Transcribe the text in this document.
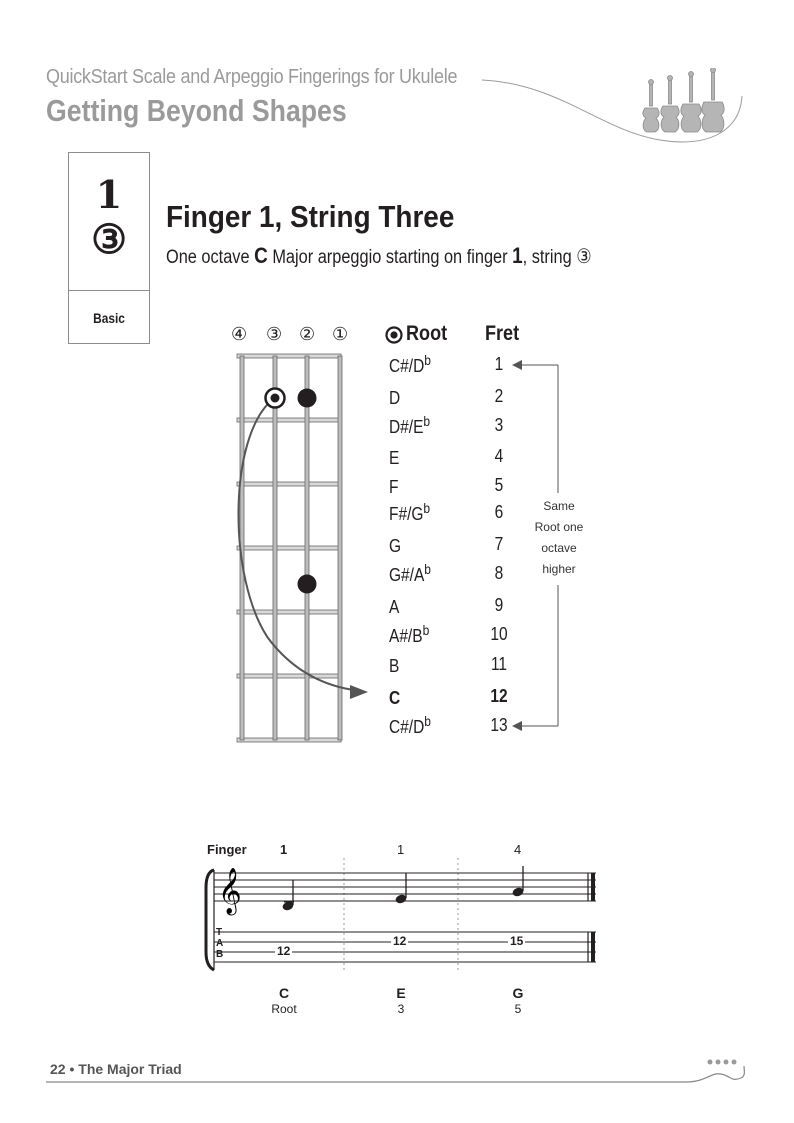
QuickStart Scale and Arpeggio Fingerings for Ukulele
Getting Beyond Shapes
1
③
Basic
Finger 1, String Three
One octave C Major arpeggio starting on finger 1, string ③
④ ③ ② ①	Root Fret
$C\#/D^b$	1
D	2
$D\#/E^b$	3
E	4
F	5
$F\#/G^b$	6
G	7
$G\#/A^b$	8
A	9
$A\#/B^b$	10
B	11
C	12
$C\#/D^b$	13
Same
Root one
octave
higher
Finger	1	1	4
𝄞
T
A
B	12
12	15
C	E	G
Root	3	5
22 • The Major Triad
